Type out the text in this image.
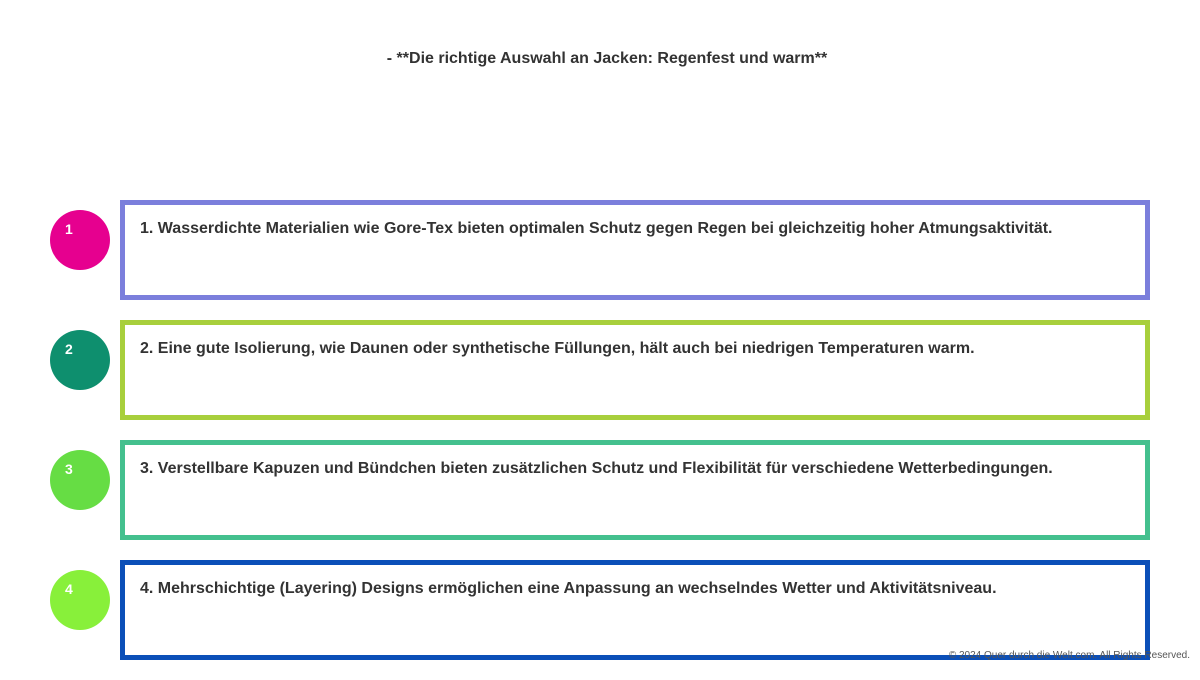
- **Die richtige Auswahl an Jacken: Regenfest und warm**
1	1. Wasserdichte Materialien wie Gore-Tex bieten optimalen Schutz gegen Regen bei gleichzeitig hoher Atmungsaktivität.
2	2. Eine gute Isolierung, wie Daunen oder synthetische Füllungen, hält auch bei niedrigen Temperaturen warm.
3	3. Verstellbare Kapuzen und Bündchen bieten zusätzlichen Schutz und Flexibilität für verschiedene Wetterbedingungen.
4	4. Mehrschichtige (Layering) Designs ermöglichen eine Anpassung an wechselndes Wetter und Aktivitätsniveau.
© 2024 Quer durch die Welt.com. All Rights Reserved.
